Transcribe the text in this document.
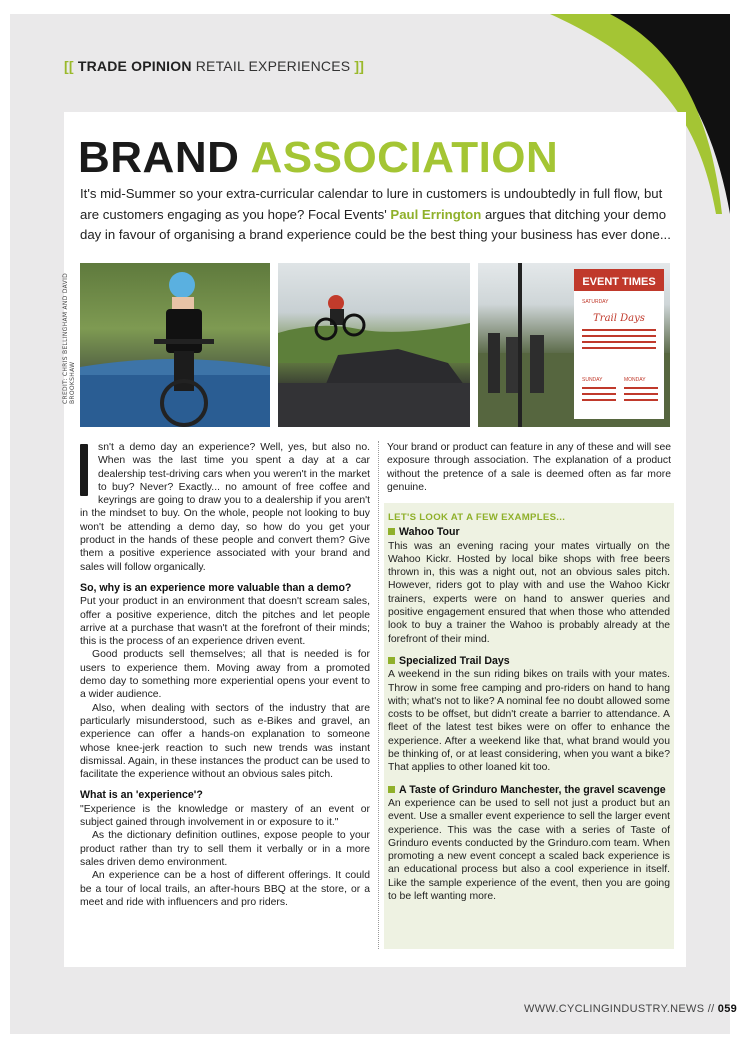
[[ TRADE OPINION RETAIL EXPERIENCES ]]
BRAND ASSOCIATION
It's mid-Summer so your extra-curricular calendar to lure in customers is undoubtedly in full flow, but are customers engaging as you hope? Focal Events' Paul Errington argues that ditching your demo day in favour of organising a brand experience could be the best thing your business has ever done...
CREDIT: CHRIS BELLINGHAM AND DAVID BROOKSHAW
EVENT TIMES
Trail Days
SATURDAY
SUNDAY	MONDAY

sn't a demo day an experience? Well, yes, but also no. When was the last time you spent a day at a car dealership test-driving cars when you weren't in the market to buy? Never? Exactly... no amount of free coffee and keyrings are going to draw you to a dealership if you aren't in the mindset to buy. On the whole, people not looking to buy won't be attending a demo day, so how do you get your product in the hands of these people and convert them? Give them a positive experience associated with your brand and sales will follow organically.

So, why is an experience more valuable than a demo?

Put your product in an environment that doesn't scream sales, offer a positive experience, ditch the pitches and let people arrive at a purchase that wasn't at the forefront of their minds; this is the process of an experience driven event.

Good products sell themselves; all that is needed is for users to experience them. Moving away from a promoted demo day to something more experiential opens your event to a wider audience.

Also, when dealing with sectors of the industry that are particularly misunderstood, such as e-Bikes and gravel, an experience can offer a hands-on explanation to someone whose knee-jerk reaction to such new trends was instant dismissal. Again, in these instances the product can be used to facilitate the experience without an obvious sales pitch.

What is an 'experience'?

"Experience is the knowledge or mastery of an event or subject gained through involvement in or exposure to it."

As the dictionary definition outlines, expose people to your product rather than try to sell them it verbally or in a more sales driven demo environment.

An experience can be a host of different offerings. It could be a tour of local trails, an after-hours BBQ at the store, or a meet and ride with influencers and pro riders.

Your brand or product can feature in any of these and will see exposure through association. The explanation of a product without the pretence of a sale is deemed often as far more genuine.

LET'S LOOK AT A FEW EXAMPLES...
Wahoo Tour

This was an evening racing your mates virtually on the Wahoo Kickr. Hosted by local bike shops with free beers thrown in, this was a night out, not an obvious sales pitch. However, riders got to play with and use the Wahoo Kickr trainers, experts were on hand to answer queries and positive engagement ensured that when those who attended look to buy a trainer the Wahoo is probably already at the forefront of their mind.

Specialized Trail Days

A weekend in the sun riding bikes on trails with your mates. Throw in some free camping and pro-riders on hand to hang with; what's not to like? A nominal fee no doubt allowed some costs to be offset, but didn't create a barrier to attendance. A fleet of the latest test bikes were on offer to enhance the experience. After a weekend like that, what brand would you be thinking of, or at least considering, when you want a bike? That applies to other loaned kit too.

A Taste of Grinduro Manchester, the gravel scavenge

An experience can be used to sell not just a product but an event. Use a smaller event experience to sell the larger event experience. This was the case with a series of Taste of Grinduro events conducted by the Grinduro.com team. When promoting a new event concept a scaled back experience is an educational process but also a cool experience in itself. Like the sample experience of the event, then you are going to be left wanting more.

WWW.CYCLINGINDUSTRY.NEWS // 059
